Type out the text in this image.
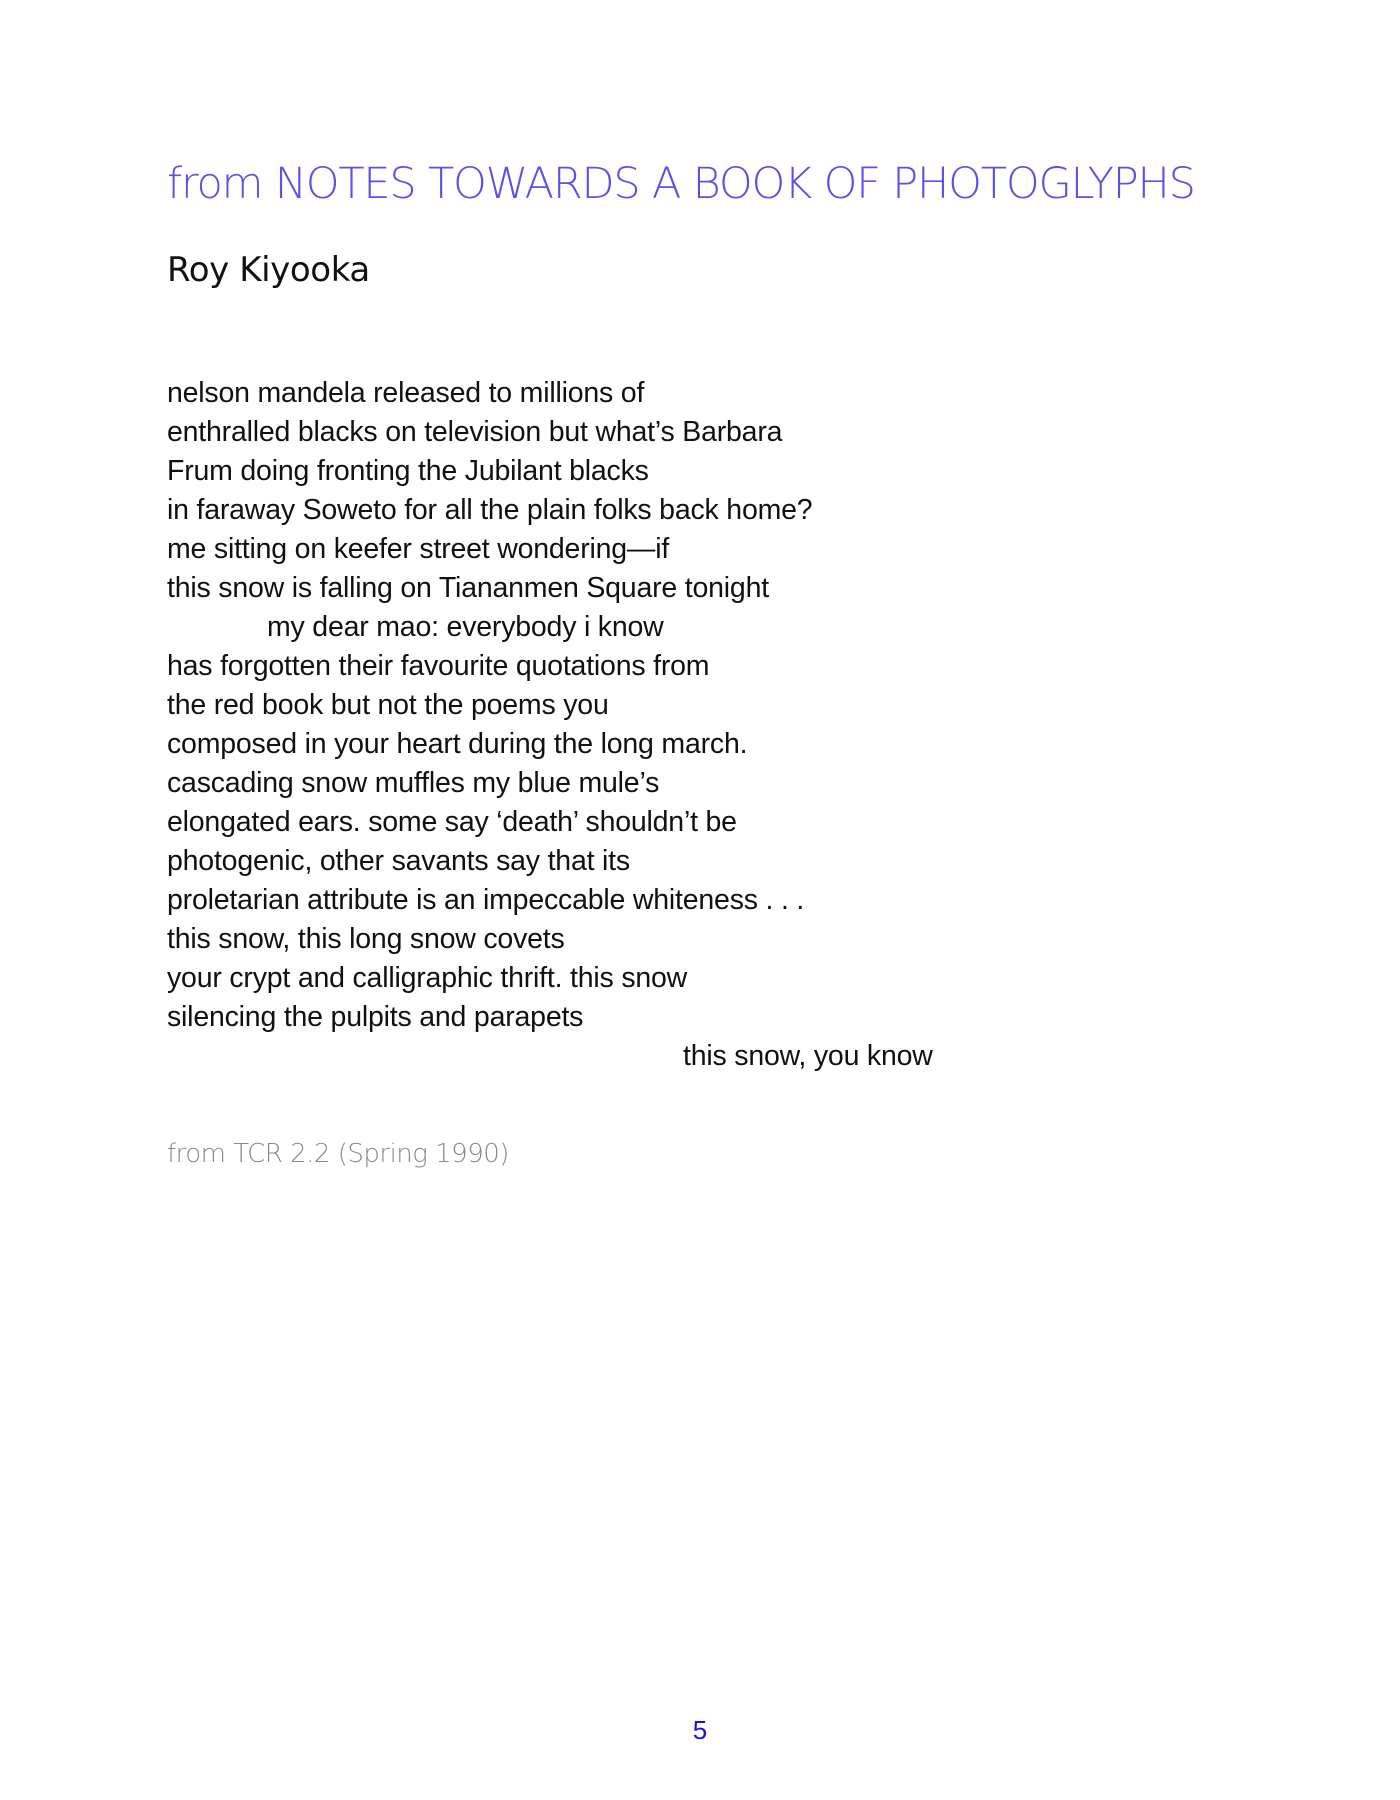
from NOTES TOWARDS A BOOK OF PHOTOGLYPHS
Roy Kiyooka
nelson mandela released to millions of
enthralled blacks on television but what’s Barbara
Frum doing fronting the Jubilant blacks
in faraway Soweto for all the plain folks back home?
me sitting on keefer street wondering—if
this snow is falling on Tiananmen Square tonight
my dear mao: everybody i know
has forgotten their favourite quotations from
the red book but not the poems you
composed in your heart during the long march.
cascading snow muffles my blue mule’s
elongated ears. some say ‘death’ shouldn’t be
photogenic, other savants say that its
proletarian attribute is an impeccable whiteness . . .
this snow, this long snow covets
your crypt and calligraphic thrift. this snow
silencing the pulpits and parapets
this snow, you know

from TCR 2.2 (Spring 1990)

5
